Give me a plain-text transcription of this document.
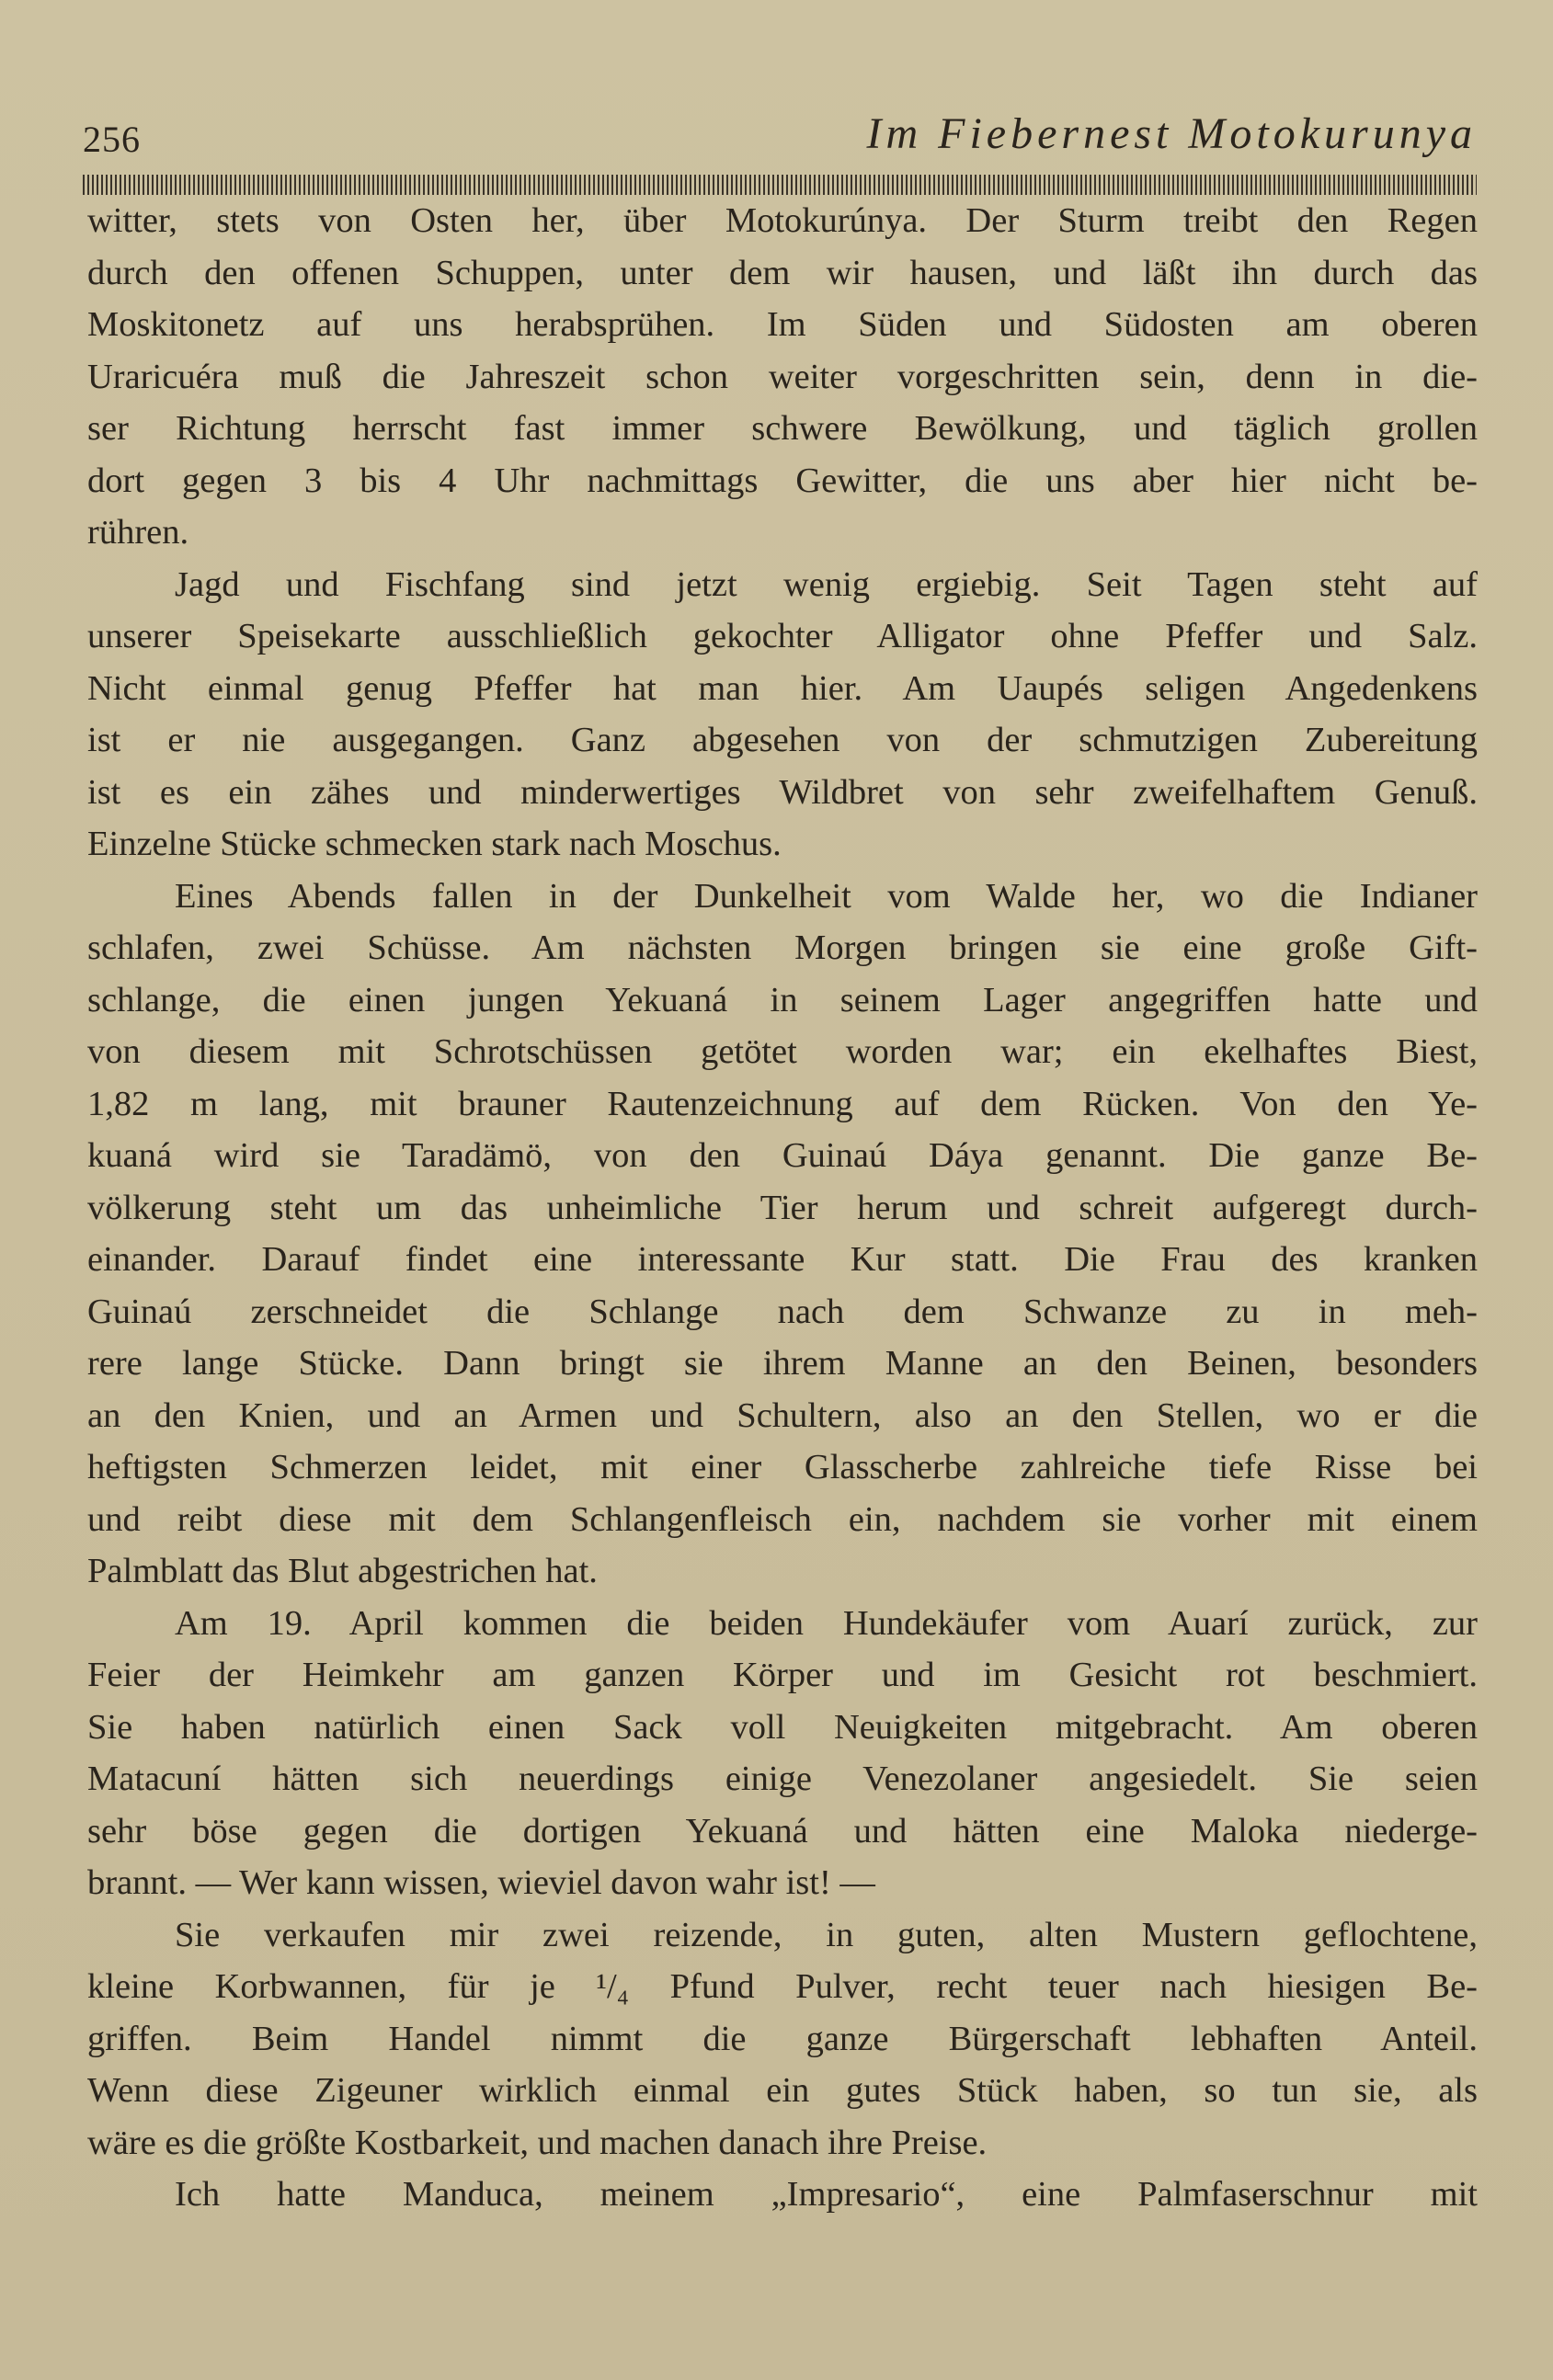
256	Im Fiebernest Motokurunya
witter, stets von Osten her, über Motokurúnya. Der Sturm treibt den Regen
durch den offenen Schuppen, unter dem wir hausen, und läßt ihn durch das
Moskitonetz auf uns herabsprühen. Im Süden und Südosten am oberen
Uraricuéra muß die Jahreszeit schon weiter vorgeschritten sein, denn in die-
ser Richtung herrscht fast immer schwere Bewölkung, und täglich grollen
dort gegen 3 bis 4 Uhr nachmittags Gewitter, die uns aber hier nicht be-
rühren.
Jagd und Fischfang sind jetzt wenig ergiebig. Seit Tagen steht auf
unserer Speisekarte ausschließlich gekochter Alligator ohne Pfeffer und Salz.
Nicht einmal genug Pfeffer hat man hier. Am Uaupés seligen Angedenkens
ist er nie ausgegangen. Ganz abgesehen von der schmutzigen Zubereitung
ist es ein zähes und minderwertiges Wildbret von sehr zweifelhaftem Genuß.
Einzelne Stücke schmecken stark nach Moschus.
Eines Abends fallen in der Dunkelheit vom Walde her, wo die Indianer
schlafen, zwei Schüsse. Am nächsten Morgen bringen sie eine große Gift-
schlange, die einen jungen Yekuaná in seinem Lager angegriffen hatte und
von diesem mit Schrotschüssen getötet worden war; ein ekelhaftes Biest,
1,82 m lang, mit brauner Rautenzeichnung auf dem Rücken. Von den Ye-
kuaná wird sie Taradämö, von den Guinaú Dáya genannt. Die ganze Be-
völkerung steht um das unheimliche Tier herum und schreit aufgeregt durch-
einander. Darauf findet eine interessante Kur statt. Die Frau des kranken
Guinaú zerschneidet die Schlange nach dem Schwanze zu in meh-
rere lange Stücke. Dann bringt sie ihrem Manne an den Beinen, besonders
an den Knien, und an Armen und Schultern, also an den Stellen, wo er die
heftigsten Schmerzen leidet, mit einer Glasscherbe zahlreiche tiefe Risse bei
und reibt diese mit dem Schlangenfleisch ein, nachdem sie vorher mit einem
Palmblatt das Blut abgestrichen hat.
Am 19. April kommen die beiden Hundekäufer vom Auarí zurück, zur
Feier der Heimkehr am ganzen Körper und im Gesicht rot beschmiert.
Sie haben natürlich einen Sack voll Neuigkeiten mitgebracht. Am oberen
Matacuní hätten sich neuerdings einige Venezolaner angesiedelt. Sie seien
sehr böse gegen die dortigen Yekuaná und hätten eine Maloka niederge-
brannt. — Wer kann wissen, wieviel davon wahr ist! —
Sie verkaufen mir zwei reizende, in guten, alten Mustern geflochtene,
kleine Korbwannen, für je ¹/₄ Pfund Pulver, recht teuer nach hiesigen Be-
griffen. Beim Handel nimmt die ganze Bürgerschaft lebhaften Anteil.
Wenn diese Zigeuner wirklich einmal ein gutes Stück haben, so tun sie, als
wäre es die größte Kostbarkeit, und machen danach ihre Preise.
Ich hatte Manduca, meinem „Impresario“, eine Palmfaserschnur mit
